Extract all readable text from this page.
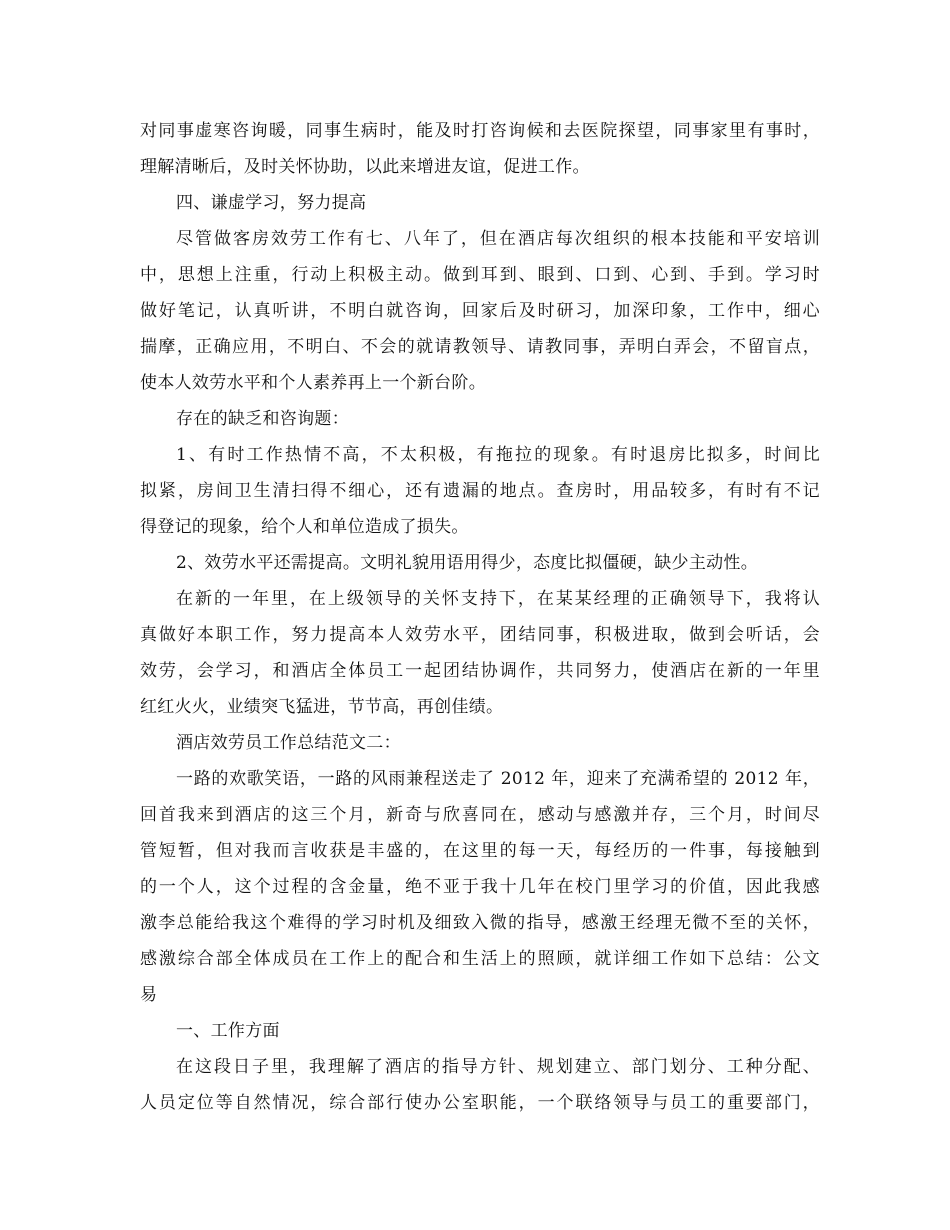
对同事虚寒咨询暖，同事生病时，能及时打咨询候和去医院探望，同事家里有事时，
理解清晰后，及时关怀协助，以此来增进友谊，促进工作。
四、谦虚学习，努力提高
尽管做客房效劳工作有七、八年了，但在酒店每次组织的根本技能和平安培训
中，思想上注重，行动上积极主动。做到耳到、眼到、口到、心到、手到。学习时
做好笔记，认真听讲，不明白就咨询，回家后及时研习，加深印象，工作中，细心
揣摩，正确应用，不明白、不会的就请教领导、请教同事，弄明白弄会，不留盲点，
使本人效劳水平和个人素养再上一个新台阶。
存在的缺乏和咨询题：
1、有时工作热情不高，不太积极，有拖拉的现象。有时退房比拟多，时间比
拟紧，房间卫生清扫得不细心，还有遗漏的地点。查房时，用品较多，有时有不记
得登记的现象，给个人和单位造成了损失。
2、效劳水平还需提高。文明礼貌用语用得少，态度比拟僵硬，缺少主动性。
在新的一年里，在上级领导的关怀支持下，在某某经理的正确领导下，我将认
真做好本职工作，努力提高本人效劳水平，团结同事，积极进取，做到会听话，会
效劳，会学习，和酒店全体员工一起团结协调作，共同努力，使酒店在新的一年里
红红火火，业绩突飞猛进，节节高，再创佳绩。
酒店效劳员工作总结范文二：
一路的欢歌笑语，一路的风雨兼程送走了 2012 年，迎来了充满希望的 2012 年，
回首我来到酒店的这三个月，新奇与欣喜同在，感动与感激并存，三个月，时间尽
管短暂，但对我而言收获是丰盛的，在这里的每一天，每经历的一件事，每接触到
的一个人，这个过程的含金量，绝不亚于我十几年在校门里学习的价值，因此我感
激李总能给我这个难得的学习时机及细致入微的指导，感激王经理无微不至的关怀，
感激综合部全体成员在工作上的配合和生活上的照顾，就详细工作如下总结：公文
易
一、工作方面
在这段日子里，我理解了酒店的指导方针、规划建立、部门划分、工种分配、
人员定位等自然情况，综合部行使办公室职能，一个联络领导与员工的重要部门，
